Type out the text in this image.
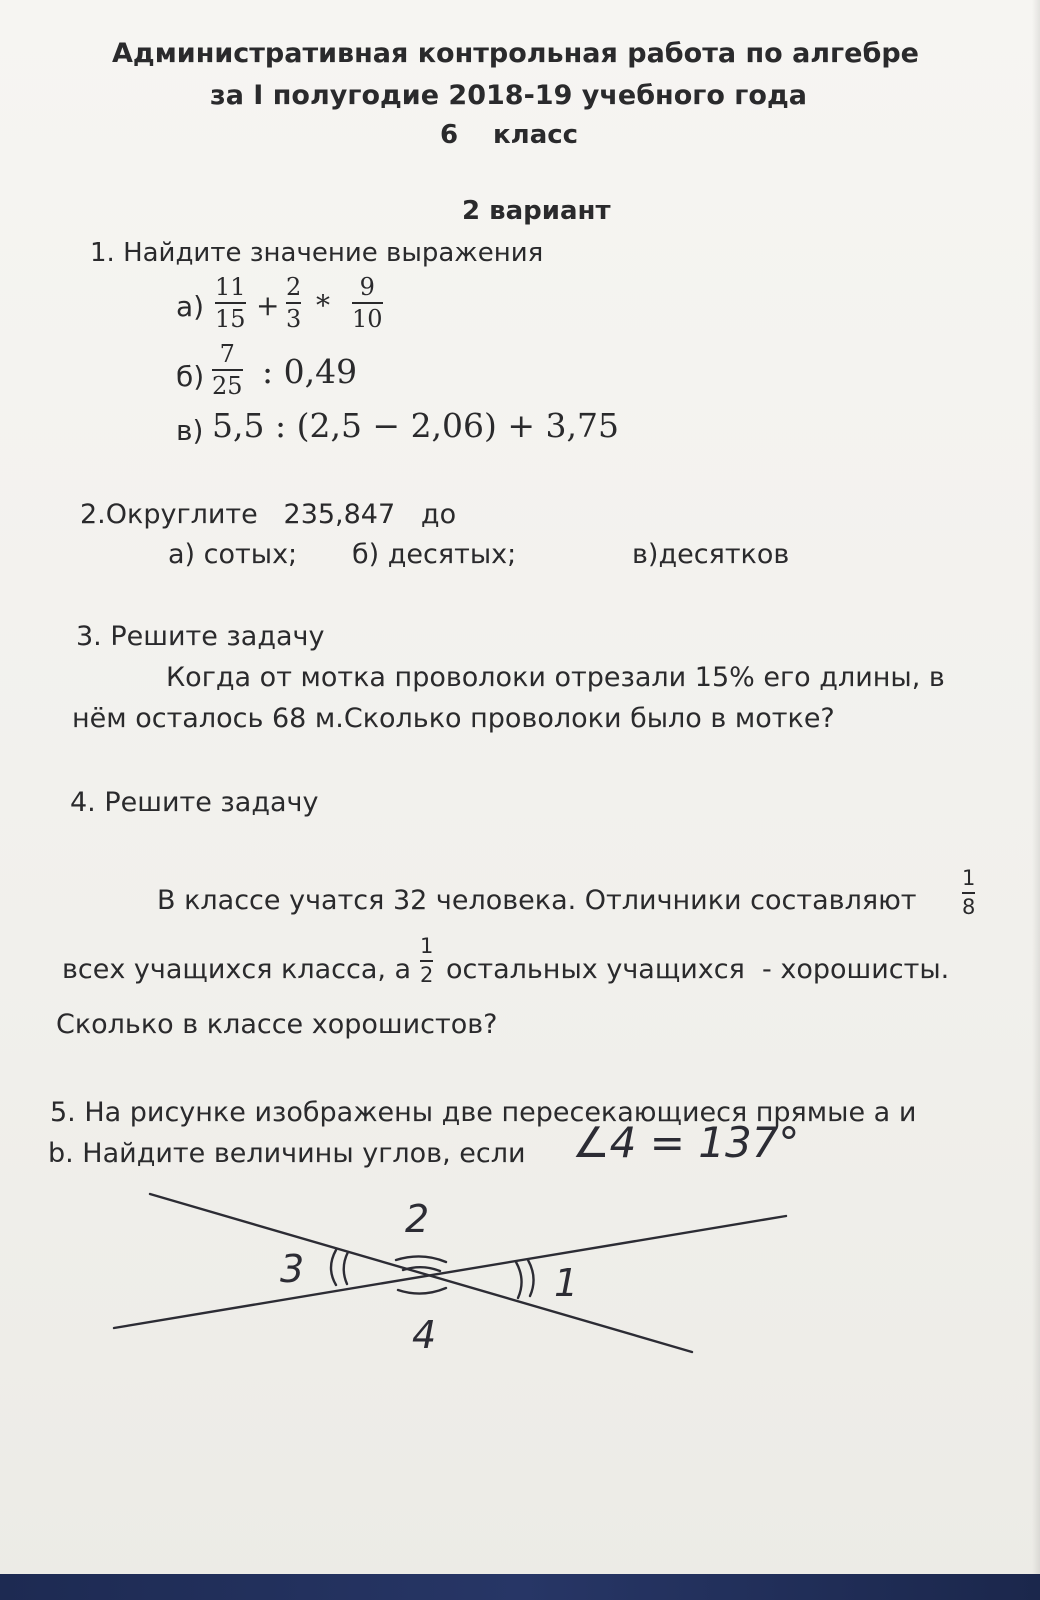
Административная контрольная работа по алгебре
за I полугодие 2018-19 учебного года
6 класс
2 вариант
1. Найдите значение выражения
а)
11
15 +
2
3 *
9
10
б)
7
25 : 0,49
в) 5,5 : (2,5 − 2,06) + 3,75
2.Округлите   235,847   до
а) сотых; б) десятых;	в)десятков
3. Решите задачу
Когда от мотка проволоки отрезали 15% его длины, в
нём осталось 68 м.Сколько проволоки было в мотке?
4. Решите задачу
В классе учатся 32 человека. Отличники составляют
1
8
всех учащихся класса, а
1
2 остальных учащихся  - хорошисты.
Сколько в классе хорошистов?
5. На рисунке изображены две пересекающиеся прямые a и
b. Найдите величины углов, если ∠4 = 137°
2
3	1
4
